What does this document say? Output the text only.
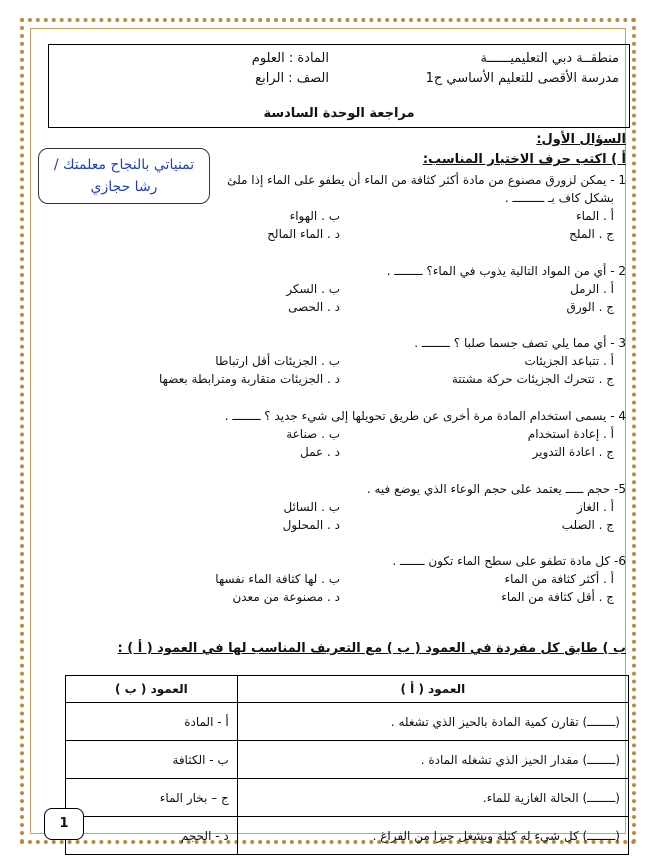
منطقــة دبي التعليميــــــة
مدرسة الأقصى للتعليم الأساسي ح1
المادة : العلوم
الصف : الرابع
مراجعة الوحدة السادسة
السؤال الأول:
أ ) اكتب حرف الاختيار المناسب:
تمنياتي بالنجاح معلمتك /
رشا حجازي	1 - يمكن لزورق مصنوع من مادة أكثر كثافة من الماء أن يطفو على الماء إذا ملئ
بشكل كاف بـ ـــــــــ .
أ . الماء
ب . الهواء
ج . الملح
د . الماء المالح
2 - أي من المواد التالية يذوب في الماء؟ ــــــــ .
أ . الرمل
ب . السكر
ج . الورق
د . الحصى
3 - أي مما يلي تصف جسما صلبا ؟ ــــــــ .
أ . تتباعد الجزيئات
ب . الجزيئات أقل ارتباطا
ج . تتحرك الجزيئات حركة مشتتة
د . الجزيئات متقاربة ومترابطة بعضها
4 - يسمى استخدام المادة مرة أخرى عن طريق تحويلها إلى شيء جديد ؟ ــــــــ .
أ . إعادة استخدام
ب . صناعة
ج . اعادة التدوير
د . عمل
5- حجم ـــــ يعتمد على حجم الوعاء الذي يوضع فيه .
أ . الغاز
ب . السائل
ج . الصلب
د . المحلول
6- كل مادة تطفو على سطح الماء تكون ـــــــ .
أ . أكثر كثافة من الماء
ب . لها كثافة الماء نفسها
ج . أقل كثافة من الماء
د . مصنوعة من معدن
ب ) طابق كل مفردة في العمود ( ب ) مع التعريف المناسب لها في العمود ( أ ) :
العمود ( أ )	العمود ( ب )
(ــــــــ) تقارن كمية المادة بالحيز الذي تشغله .	أ - المادة
(ــــــــ) مقدار الحيز الذي تشغله المادة .	ب - الكثافة
(ــــــــ) الحالة الغازية للماء.	ج – بخار الماء
(ــــــــ) كل شيء له كتلة ويشغل حيزا من الفراغ .	د - الحجم
1
